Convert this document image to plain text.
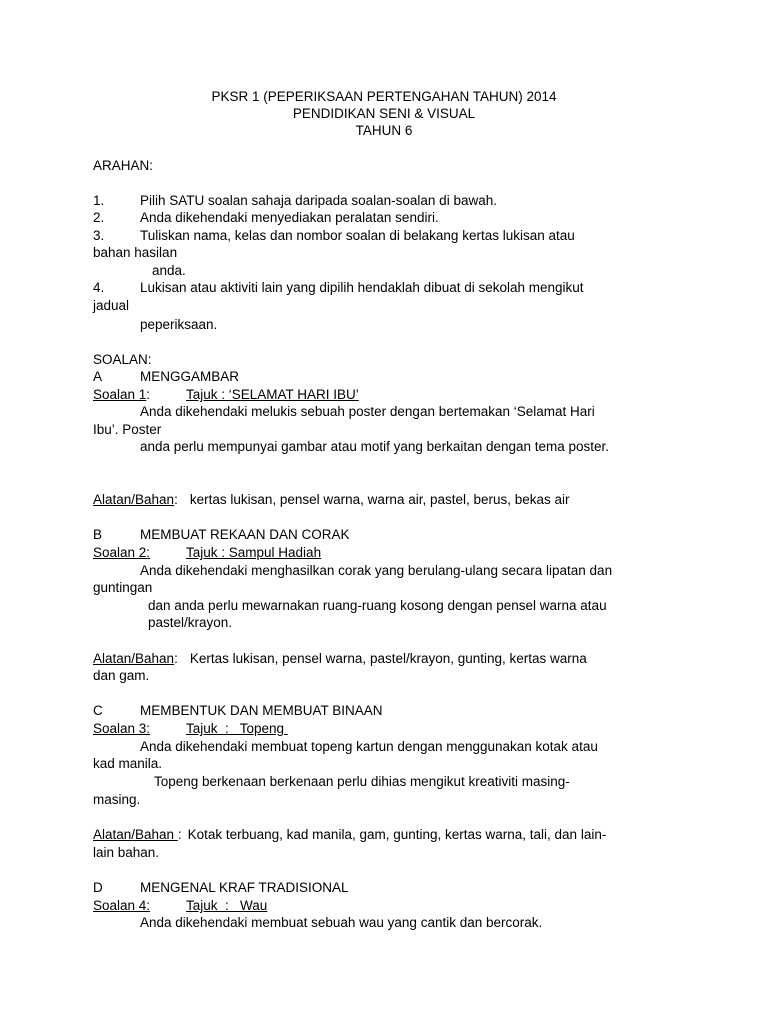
PKSR 1 (PEPERIKSAAN PERTENGAHAN TAHUN) 2014
PENDIDIKAN SENI & VISUAL
TAHUN 6
ARAHAN:
1.	Pilih SATU soalan sahaja daripada soalan-soalan di bawah.
2.	Anda dikehendaki menyediakan peralatan sendiri.
3.	Tuliskan nama, kelas dan nombor soalan di belakang kertas lukisan atau
bahan hasilan
anda.
4.	Lukisan atau aktiviti lain yang dipilih hendaklah dibuat di sekolah mengikut
jadual
peperiksaan.
SOALAN:
A	MENGGAMBAR
Soalan 1:	Tajuk : ‘SELAMAT HARI IBU’
Anda dikehendaki melukis sebuah poster dengan bertemakan ‘Selamat Hari
Ibu’. Poster
anda perlu mempunyai gambar atau motif yang berkaitan dengan tema poster.
Alatan/Bahan: kertas lukisan, pensel warna, warna air, pastel, berus, bekas air
B	MEMBUAT REKAAN DAN CORAK
Soalan 2:	Tajuk : Sampul Hadiah
Anda dikehendaki menghasilkan corak yang berulang-ulang secara lipatan dan
guntingan
dan anda perlu mewarnakan ruang-ruang kosong dengan pensel warna atau
pastel/krayon.
Alatan/Bahan: Kertas lukisan, pensel warna, pastel/krayon, gunting, kertas warna
dan gam.
C	MEMBENTUK DAN MEMBUAT BINAAN
Soalan 3:	Tajuk  :   Topeng
Anda dikehendaki membuat topeng kartun dengan menggunakan kotak atau
kad manila.
Topeng berkenaan berkenaan perlu dihias mengikut kreativiti masing-
masing.
Alatan/Bahan : Kotak terbuang, kad manila, gam, gunting, kertas warna, tali, dan lain-
lain bahan.
D	MENGENAL KRAF TRADISIONAL
Soalan 4:	Tajuk  :   Wau
Anda dikehendaki membuat sebuah wau yang cantik dan bercorak.
